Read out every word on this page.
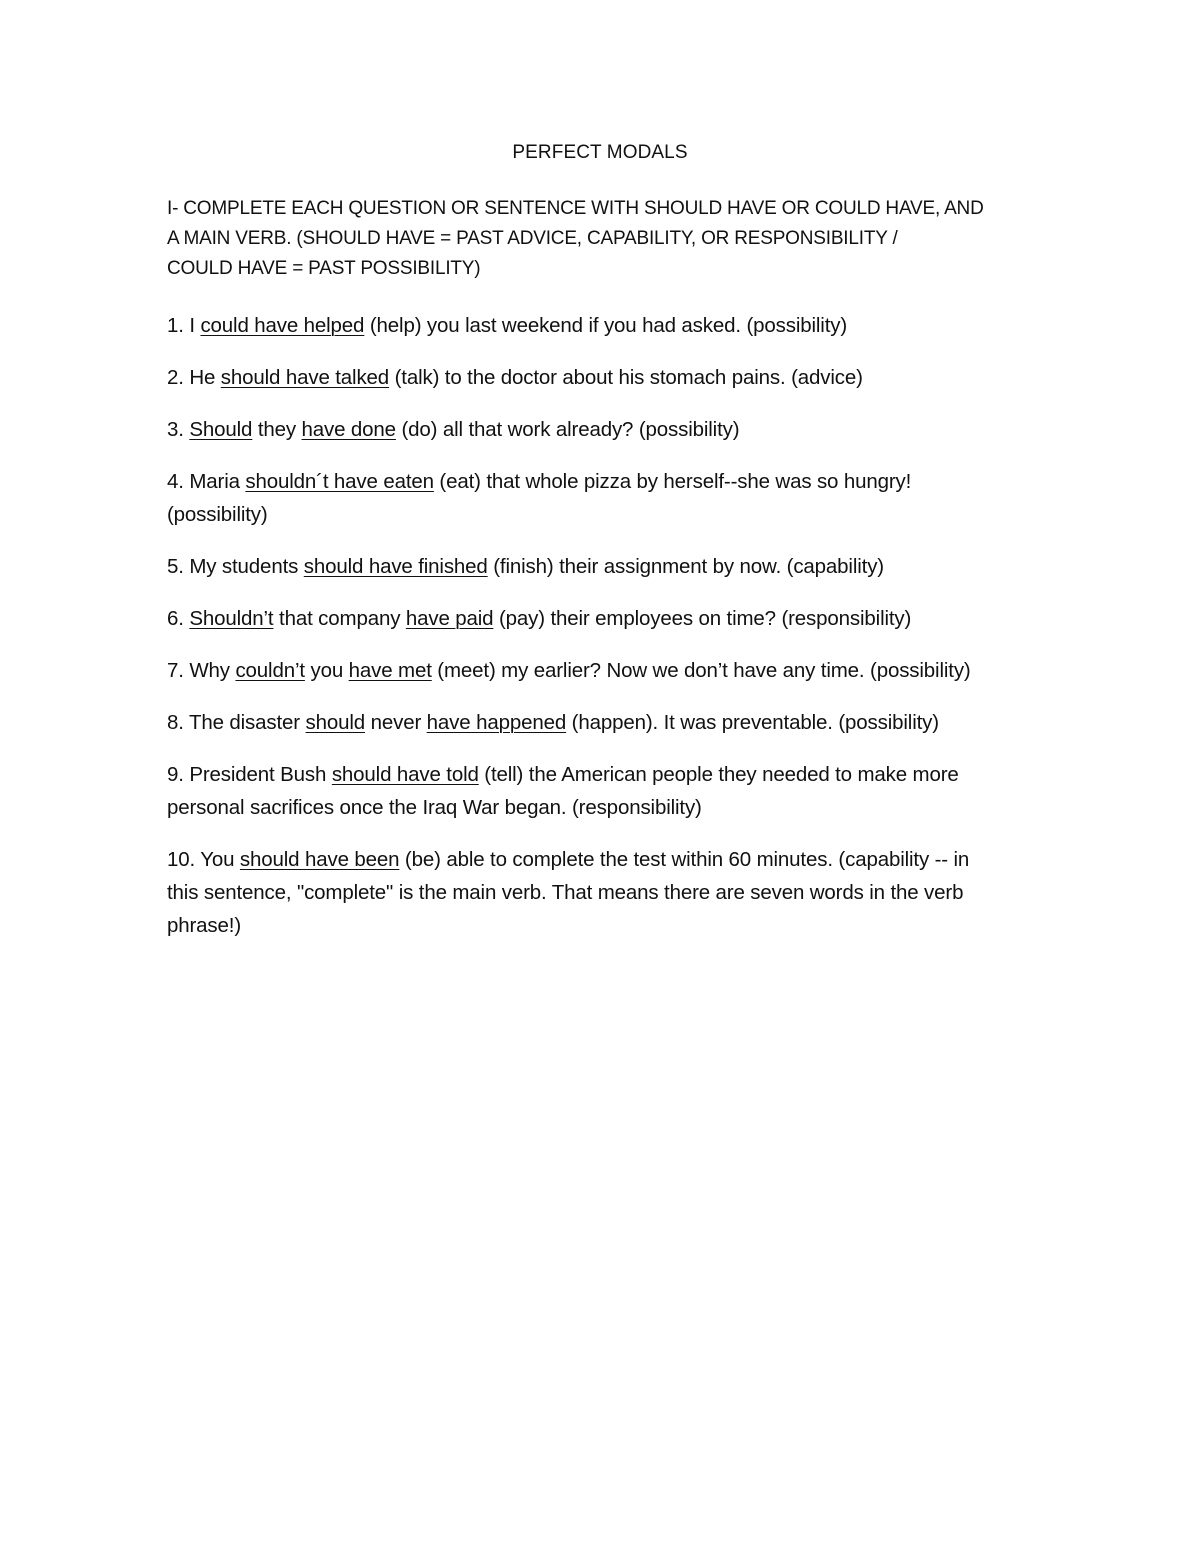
PERFECT MODALS
I- COMPLETE EACH QUESTION OR SENTENCE WITH SHOULD HAVE OR COULD HAVE, AND
A MAIN VERB. (SHOULD HAVE = PAST ADVICE, CAPABILITY, OR RESPONSIBILITY /
COULD HAVE = PAST POSSIBILITY)
1. I could have helped (help) you last weekend if you had asked. (possibility)
2. He should have talked (talk) to the doctor about his stomach pains. (advice)
3. Should they have done (do) all that work already? (possibility)
4. Maria shouldn´t have eaten (eat) that whole pizza by herself--she was so hungry!
(possibility)
5. My students should have finished (finish) their assignment by now. (capability)
6. Shouldn’t that company have paid (pay) their employees on time? (responsibility)
7. Why couldn’t you have met (meet) my earlier? Now we don’t have any time. (possibility)
8. The disaster should never have happened (happen). It was preventable. (possibility)
9. President Bush should have told (tell) the American people they needed to make more
personal sacrifices once the Iraq War began. (responsibility)
10. You should have been (be) able to complete the test within 60 minutes. (capability -- in
this sentence, "complete" is the main verb. That means there are seven words in the verb
phrase!)
